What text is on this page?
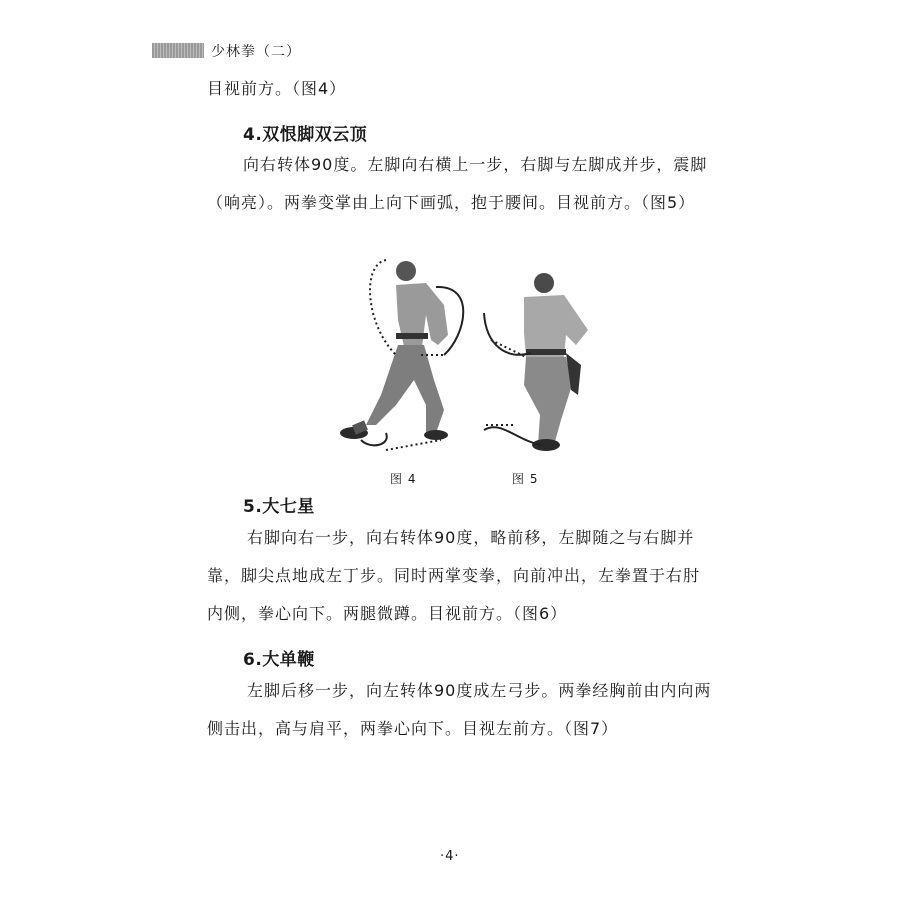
少林拳（二）
目视前方。（图4）
4.双恨脚双云顶
向右转体90度。左脚向右横上一步，右脚与左脚成并步，震脚
（响亮）。两拳变掌由上向下画弧，抱于腰间。目视前方。（图5）
图 4	图 5
5.大七星
右脚向右一步，向右转体90度，略前移，左脚随之与右脚并
靠，脚尖点地成左丁步。同时两掌变拳，向前冲出，左拳置于右肘
内侧，拳心向下。两腿微蹲。目视前方。（图6）
6.大单鞭
左脚后移一步，向左转体90度成左弓步。两拳经胸前由内向两
侧击出，高与肩平，两拳心向下。目视左前方。（图7）
·4·
